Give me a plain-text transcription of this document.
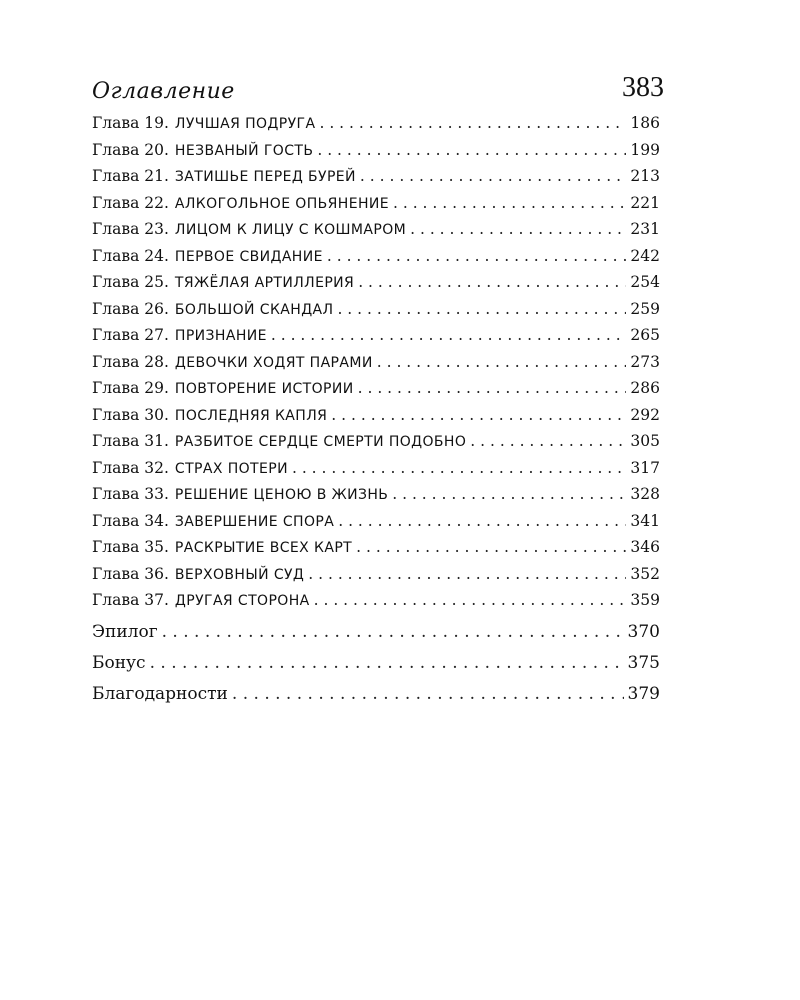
Оглавление	383
Глава 19. ЛУЧШАЯ ПОДРУГА . . .	186
Глава 20. НЕЗВАНЫЙ ГОСТЬ . . .	199
Глава 21. ЗАТИШЬЕ ПЕРЕД БУРЕЙ . . .	213
Глава 22. АЛКОГОЛЬНОЕ ОПЬЯНЕНИЕ . . .	221
Глава 23. ЛИЦОМ К ЛИЦУ С КОШМАРОМ . . .	231
Глава 24. ПЕРВОЕ СВИДАНИЕ . . .	242
Глава 25. ТЯЖЁЛАЯ АРТИЛЛЕРИЯ . . .	254
Глава 26. БОЛЬШОЙ СКАНДАЛ . . .	259
Глава 27. ПРИЗНАНИЕ . . .	265
Глава 28. ДЕВОЧКИ ХОДЯТ ПАРАМИ . . .	273
Глава 29. ПОВТОРЕНИЕ ИСТОРИИ . . .	286
Глава 30. ПОСЛЕДНЯЯ КАПЛЯ . . .	292
Глава 31. РАЗБИТОЕ СЕРДЦЕ СМЕРТИ ПОДОБНО . . .	305
Глава 32. СТРАХ ПОТЕРИ . . .	317
Глава 33. РЕШЕНИЕ ЦЕНОЮ В ЖИЗНЬ . . .	328
Глава 34. ЗАВЕРШЕНИЕ СПОРА . . .	341
Глава 35. РАСКРЫТИЕ ВСЕХ КАРТ . . .	346
Глава 36. ВЕРХОВНЫЙ СУД . . .	352
Глава 37. ДРУГАЯ СТОРОНА . . .	359
Эпилог . . .	370
Бонус . . .	375
Благодарности . . .	379
